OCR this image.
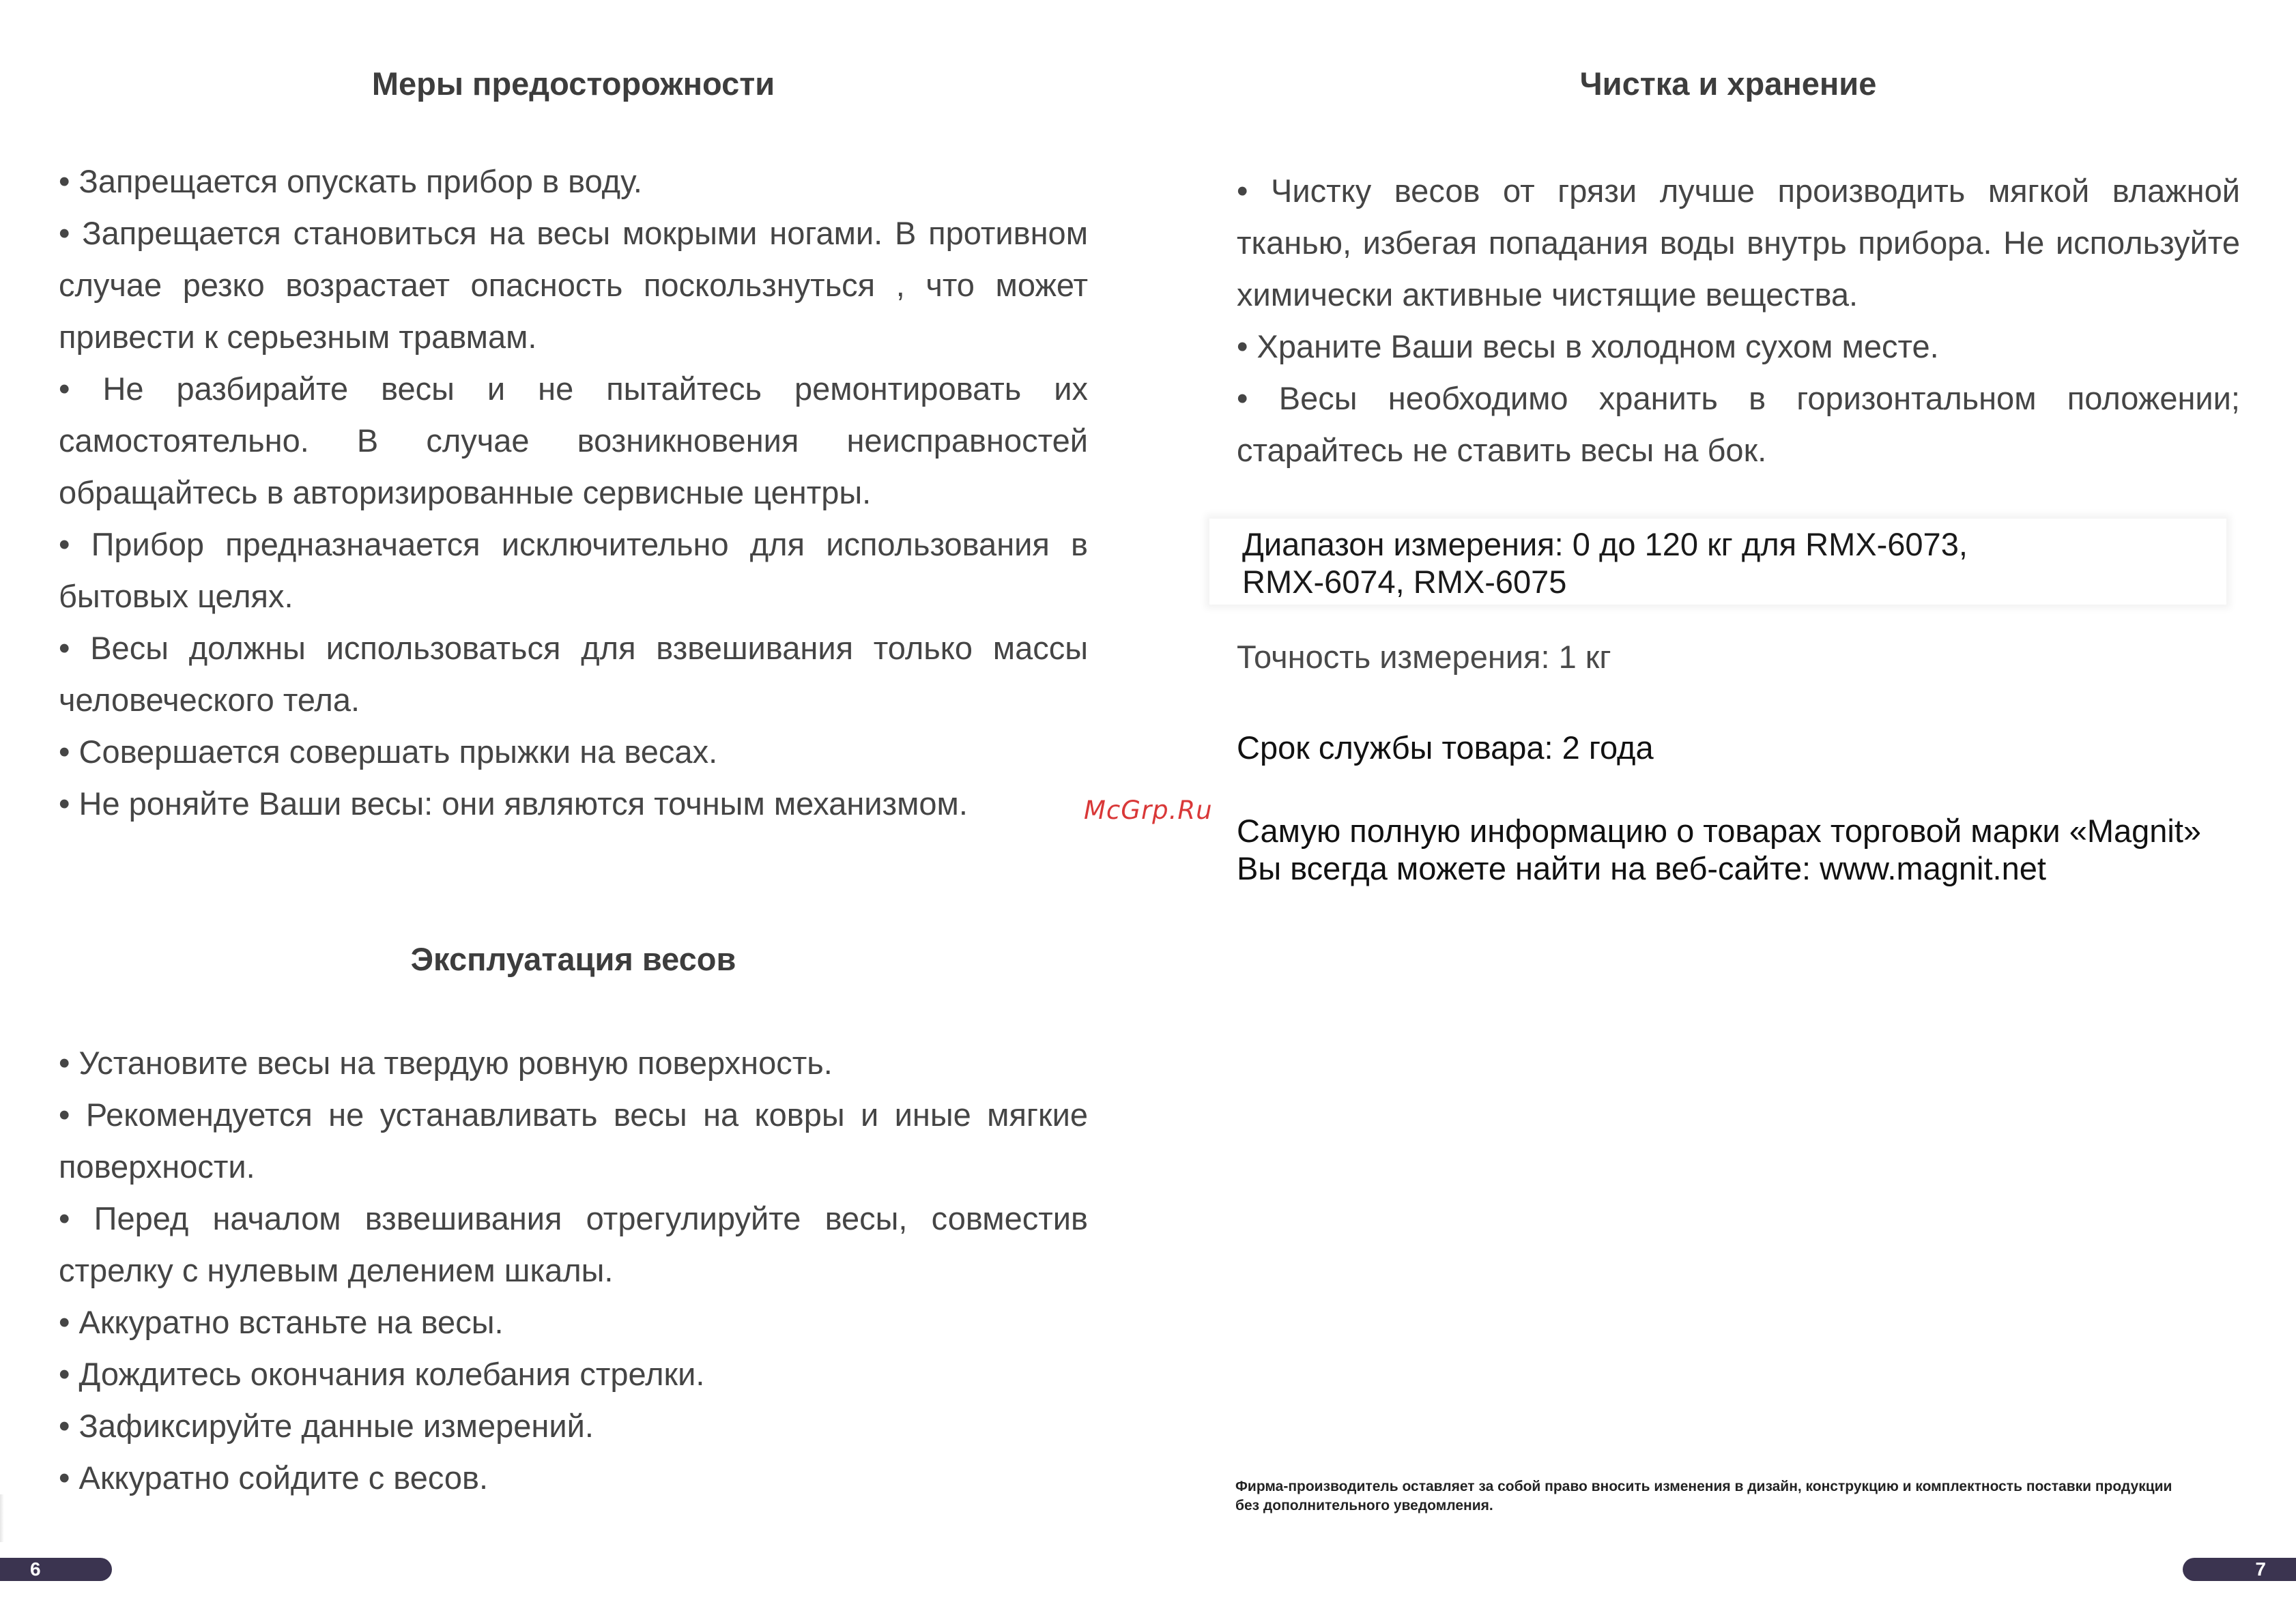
Меры предосторожности
• Запрещается опускать прибор в воду.
• Запрещается становиться на весы мокрыми ногами. В противном случае резко возрастает опасность поскользнуться , что может привести к серьезным травмам.
• Не разбирайте весы и не пытайтесь ремонтировать их самостоятельно. В случае возникновения неисправностей обращайтесь в авторизированные сервисные центры.
• Прибор предназначается исключительно для использования в бытовых целях.
• Весы должны использоваться для взвешивания только массы человеческого тела.
• Совершается совершать прыжки на весах.
• Не роняйте Ваши весы: они являются точным механизмом.
Эксплуатация весов
• Установите весы на твердую ровную поверхность.
• Рекомендуется не устанавливать весы на ковры и иные мягкие поверхности.
• Перед началом взвешивания отрегулируйте весы, совместив стрелку с нулевым делением шкалы.
• Аккуратно встаньте на весы.
• Дождитесь окончания колебания стрелки.
• Зафиксируйте данные измерений.
• Аккуратно сойдите с весов.
6
McGrp.Ru
Чистка и хранение
• Чистку весов от грязи лучше производить мягкой влажной тканью, избегая попадания воды внутрь прибора. Не используйте химически активные чистящие вещества.
• Храните Ваши весы в холодном сухом месте.
• Весы необходимо хранить в горизонтальном положении; старайтесь не ставить весы на бок.
Диапазон измерения: 0 до 120 кг для RMX-6073,
RMX-6074, RMX-6075
Точность измерения: 1 кг
Срок службы товара: 2 года
Самую полную информацию о товарах торговой марки «Magnit»
Вы всегда можете найти на веб-сайте: www.magnit.net
Фирма-производитель оставляет за собой право вносить изменения в дизайн, конструкцию и комплектность поставки продукции
без дополнительного уведомления.
7
